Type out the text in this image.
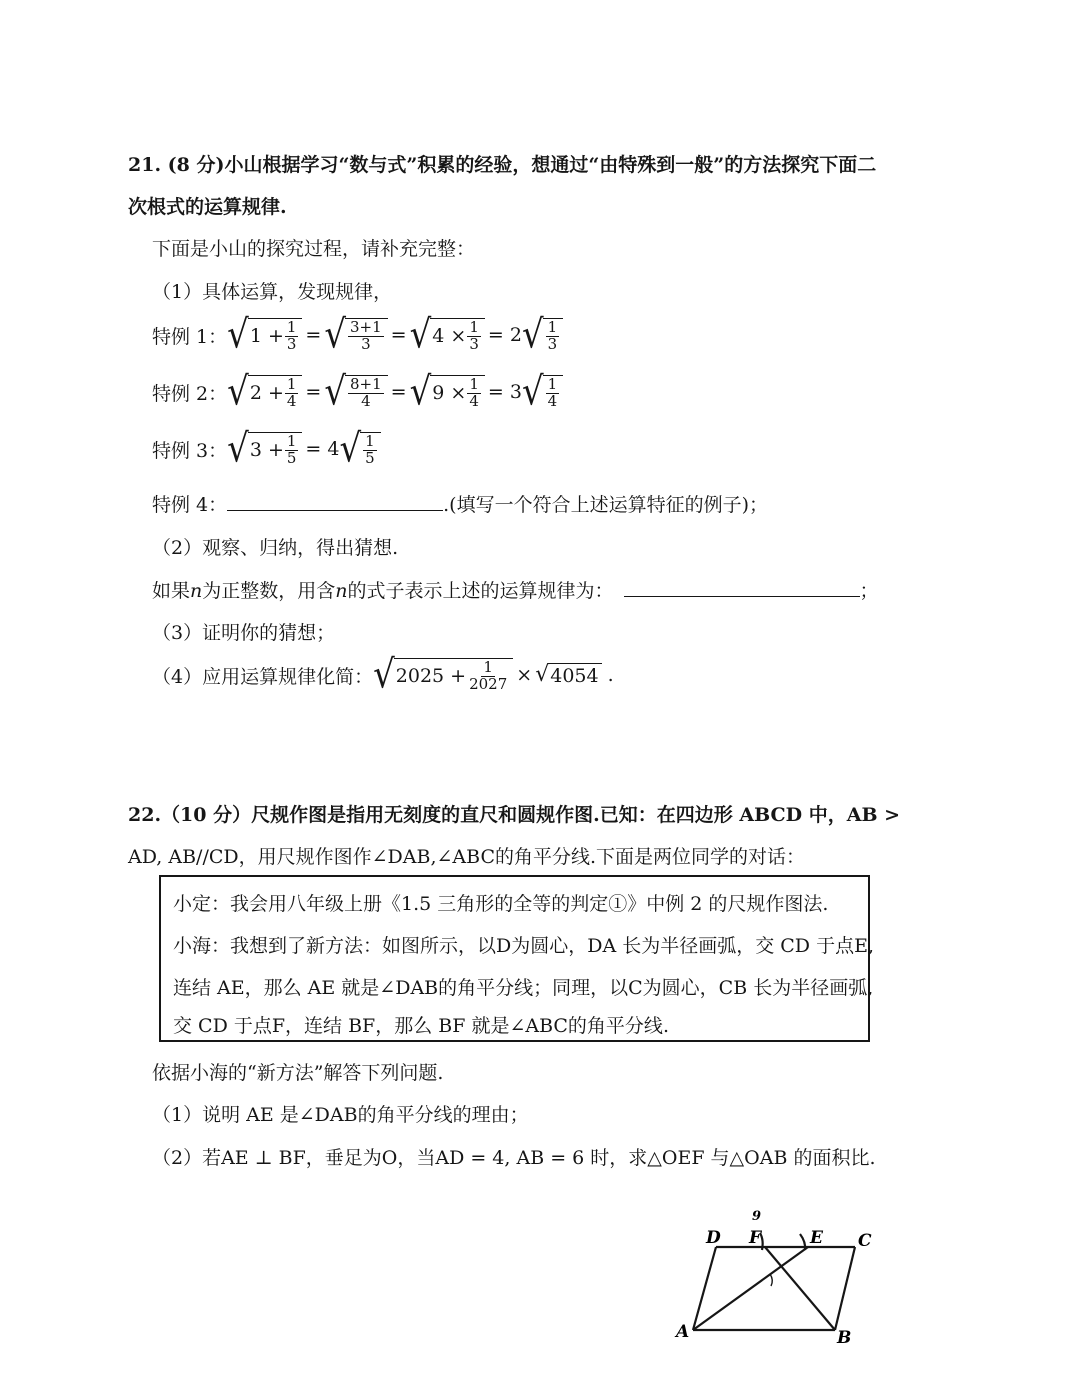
21. (8 分)小山根据学习“数与式”积累的经验，想通过“由特殊到一般”的方法探究下面二
次根式的运算规律.
下面是小山的探究过程，请补充完整：
（1）具体运算，发现规律，
特例 1： √ $1 + \frac{1}{3}$ = √ $\frac{3+1}{3}$ = √ $4 \times \frac{1}{3} = 2$ √ $\frac{1}{3}$
特例 2： √ $2 + \frac{1}{4}$ = √ $\frac{8+1}{4}$ = √ $9 \times \frac{1}{4} = 3$ √ $\frac{1}{4}$
特例 3： √ $3 + \frac{1}{5} = 4$ √ $\frac{1}{5}$
特例 4：	.(填写一个符合上述运算特征的例子)；
（2）观察、归纳，得出猜想.
如果n为正整数，用含n的式子表示上述的运算规律为：	；
（3）证明你的猜想；
（4）应用运算规律化简： √ $2025 + \frac{1}{2027}$ × √ 4054 .
22.（10 分）尺规作图是指用无刻度的直尺和圆规作图.已知：在四边形 ABCD 中，AB >
AD, AB//CD，用尺规作图作∠DAB,∠ABC的角平分线.下面是两位同学的对话：
小定：我会用八年级上册《1.5 三角形的全等的判定①》中例 2 的尺规作图法.
小海：我想到了新方法：如图所示，以D为圆心，DA 长为半径画弧，交 CD 于点E,
连结 AE，那么 AE 就是∠DAB的角平分线；同理，以C为圆心，CB 长为半径画弧,
交 CD 于点F，连结 BF，那么 BF 就是∠ABC的角平分线.
依据小海的“新方法”解答下列问题.
（1）说明 AE 是∠DAB的角平分线的理由；
（2）若AE ⊥ BF，垂足为O，当AD = 4, AB = 6 时，求△OEF 与△OAB 的面积比.
D F	E C
A	B
9
